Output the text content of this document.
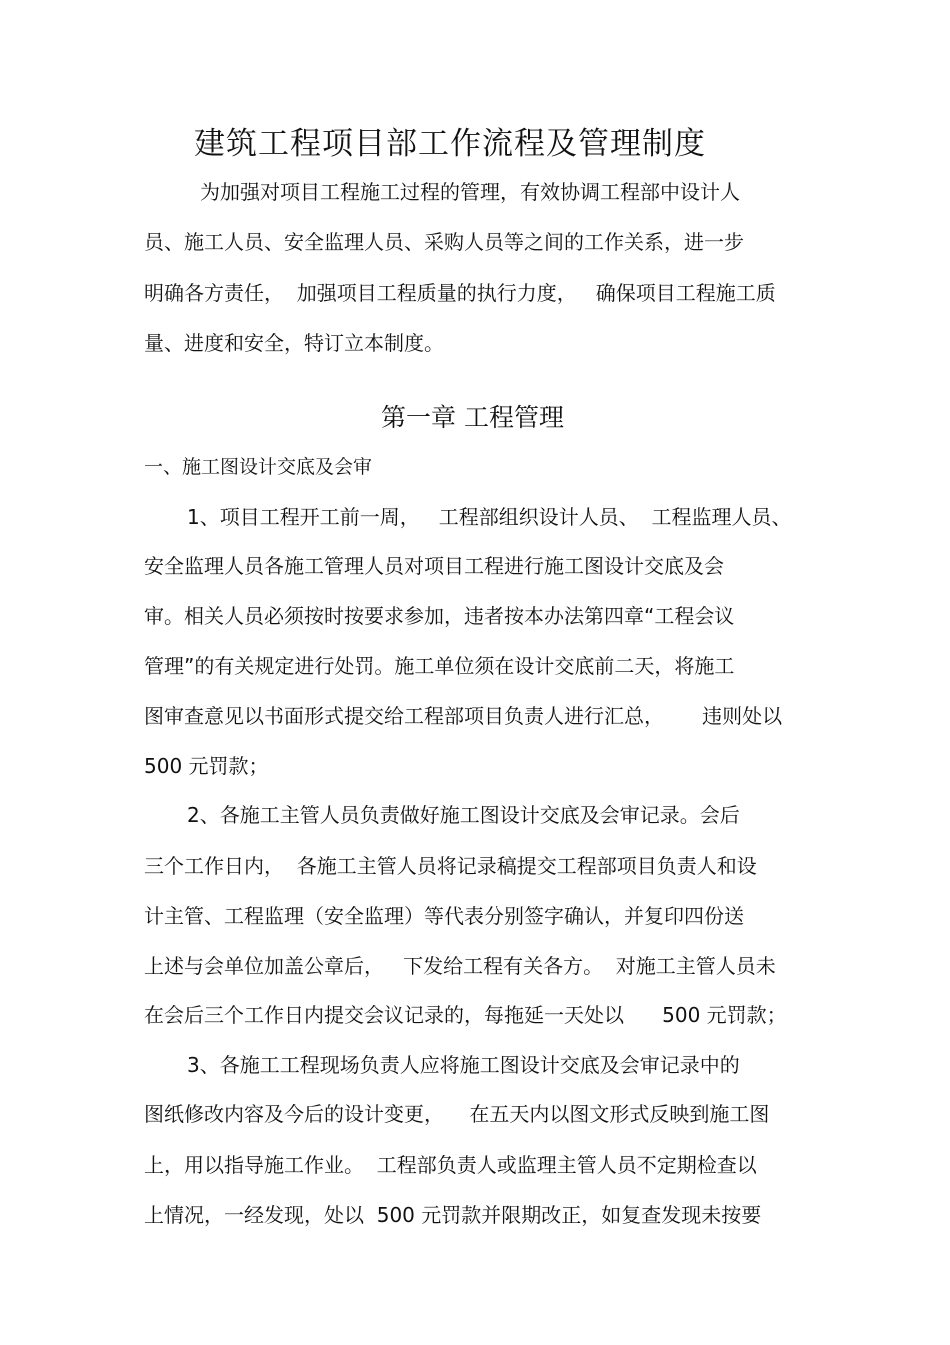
建筑工程项目部工作流程及管理制度
为加强对项目工程施工过程的管理，有效协调工程部中设计人
员、施工人员、安全监理人员、采购人员等之间的工作关系，进一步
明确各方责任，  加强项目工程质量的执行力度，   确保项目工程施工质
量、进度和安全，特订立本制度。
第一章 工程管理
一、施工图设计交底及会审
1、项目工程开工前一周，   工程部组织设计人员、  工程监理人员、
安全监理人员各施工管理人员对项目工程进行施工图设计交底及会
审。相关人员必须按时按要求参加，违者按本办法第四章“工程会议
管理”的有关规定进行处罚。施工单位须在设计交底前二天，将施工
图审查意见以书面形式提交给工程部项目负责人进行汇总，      违则处以
500 元罚款；
2、各施工主管人员负责做好施工图设计交底及会审记录。会后
三个工作日内，  各施工主管人员将记录稿提交工程部项目负责人和设
计主管、工程监理（安全监理）等代表分别签字确认，并复印四份送
上述与会单位加盖公章后，   下发给工程有关各方。  对施工主管人员未
在会后三个工作日内提交会议记录的，每拖延一天处以      500 元罚款；
3、各施工工程现场负责人应将施工图设计交底及会审记录中的
图纸修改内容及今后的设计变更，    在五天内以图文形式反映到施工图
上，用以指导施工作业。  工程部负责人或监理主管人员不定期检查以
上情况，一经发现，处以  500 元罚款并限期改正，如复查发现未按要
